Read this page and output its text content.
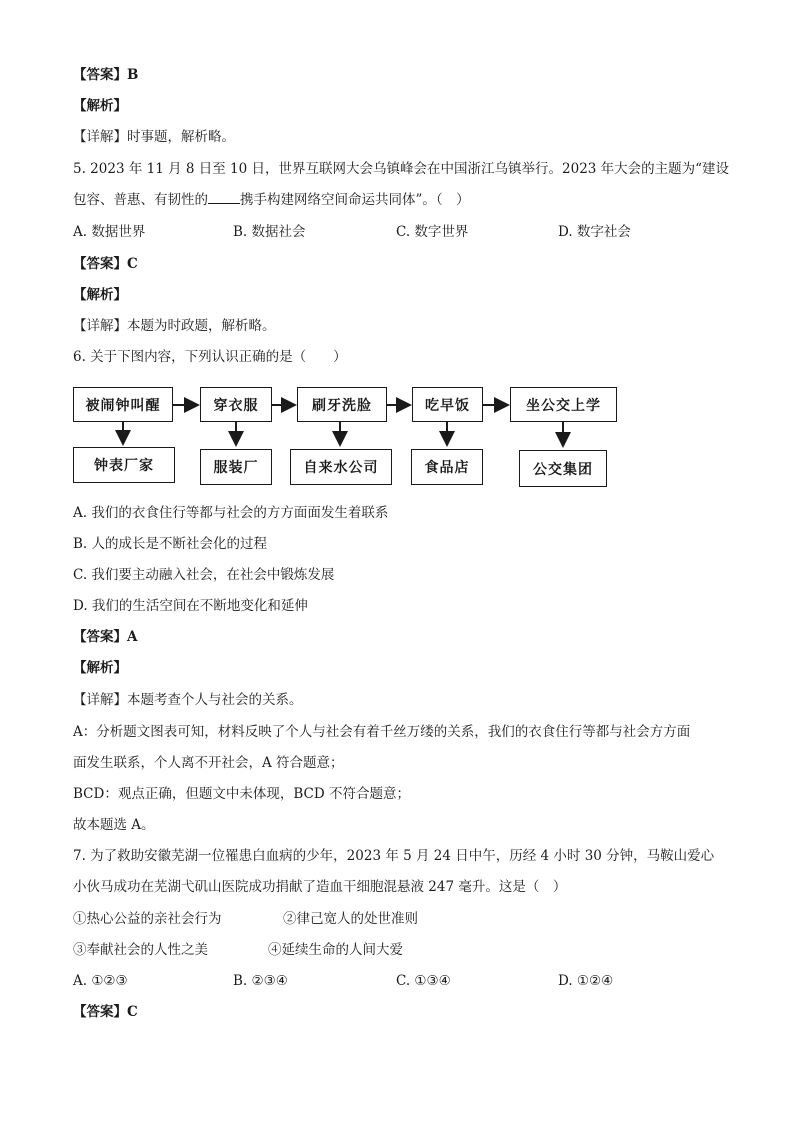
【答案】B
【解析】
【详解】时事题，解析略。
5. 2023 年 11 月 8 日至 10 日，世界互联网大会乌镇峰会在中国浙江乌镇举行。2023 年大会的主题为“建设
包容、普惠、有韧性的 携手构建网络空间命运共同体”。（　）
A. 数据世界	B. 数据社会	C. 数字世界	D. 数字社会
【答案】C
【解析】
【详解】本题为时政题，解析略。
6. 关于下图内容，下列认识正确的是（　　）
被闹钟叫醒	穿衣服	刷牙洗脸	吃早饭	坐公交上学
钟表厂家	服装厂	自来水公司	食品店	公交集团
A. 我们的衣食住行等都与社会的方方面面发生着联系
B. 人的成长是不断社会化的过程
C. 我们要主动融入社会，在社会中锻炼发展
D. 我们的生活空间在不断地变化和延伸
【答案】A
【解析】
【详解】本题考查个人与社会的关系。
A：分析题文图表可知，材料反映了个人与社会有着千丝万缕的关系，我们的衣食住行等都与社会方方面
面发生联系，个人离不开社会，A 符合题意；
BCD：观点正确，但题文中未体现，BCD 不符合题意；
故本题选 A。
7. 为了救助安徽芜湖一位罹患白血病的少年，2023 年 5 月 24 日中午，历经 4 小时 30 分钟，马鞍山爱心
小伙马成功在芜湖弋矶山医院成功捐献了造血干细胞混悬液 247 毫升。这是（　）
①热心公益的亲社会行为	②律己宽人的处世准则
③奉献社会的人性之美	④延续生命的人间大爱
A. ①②③	B. ②③④	C. ①③④	D. ①②④
【答案】C
